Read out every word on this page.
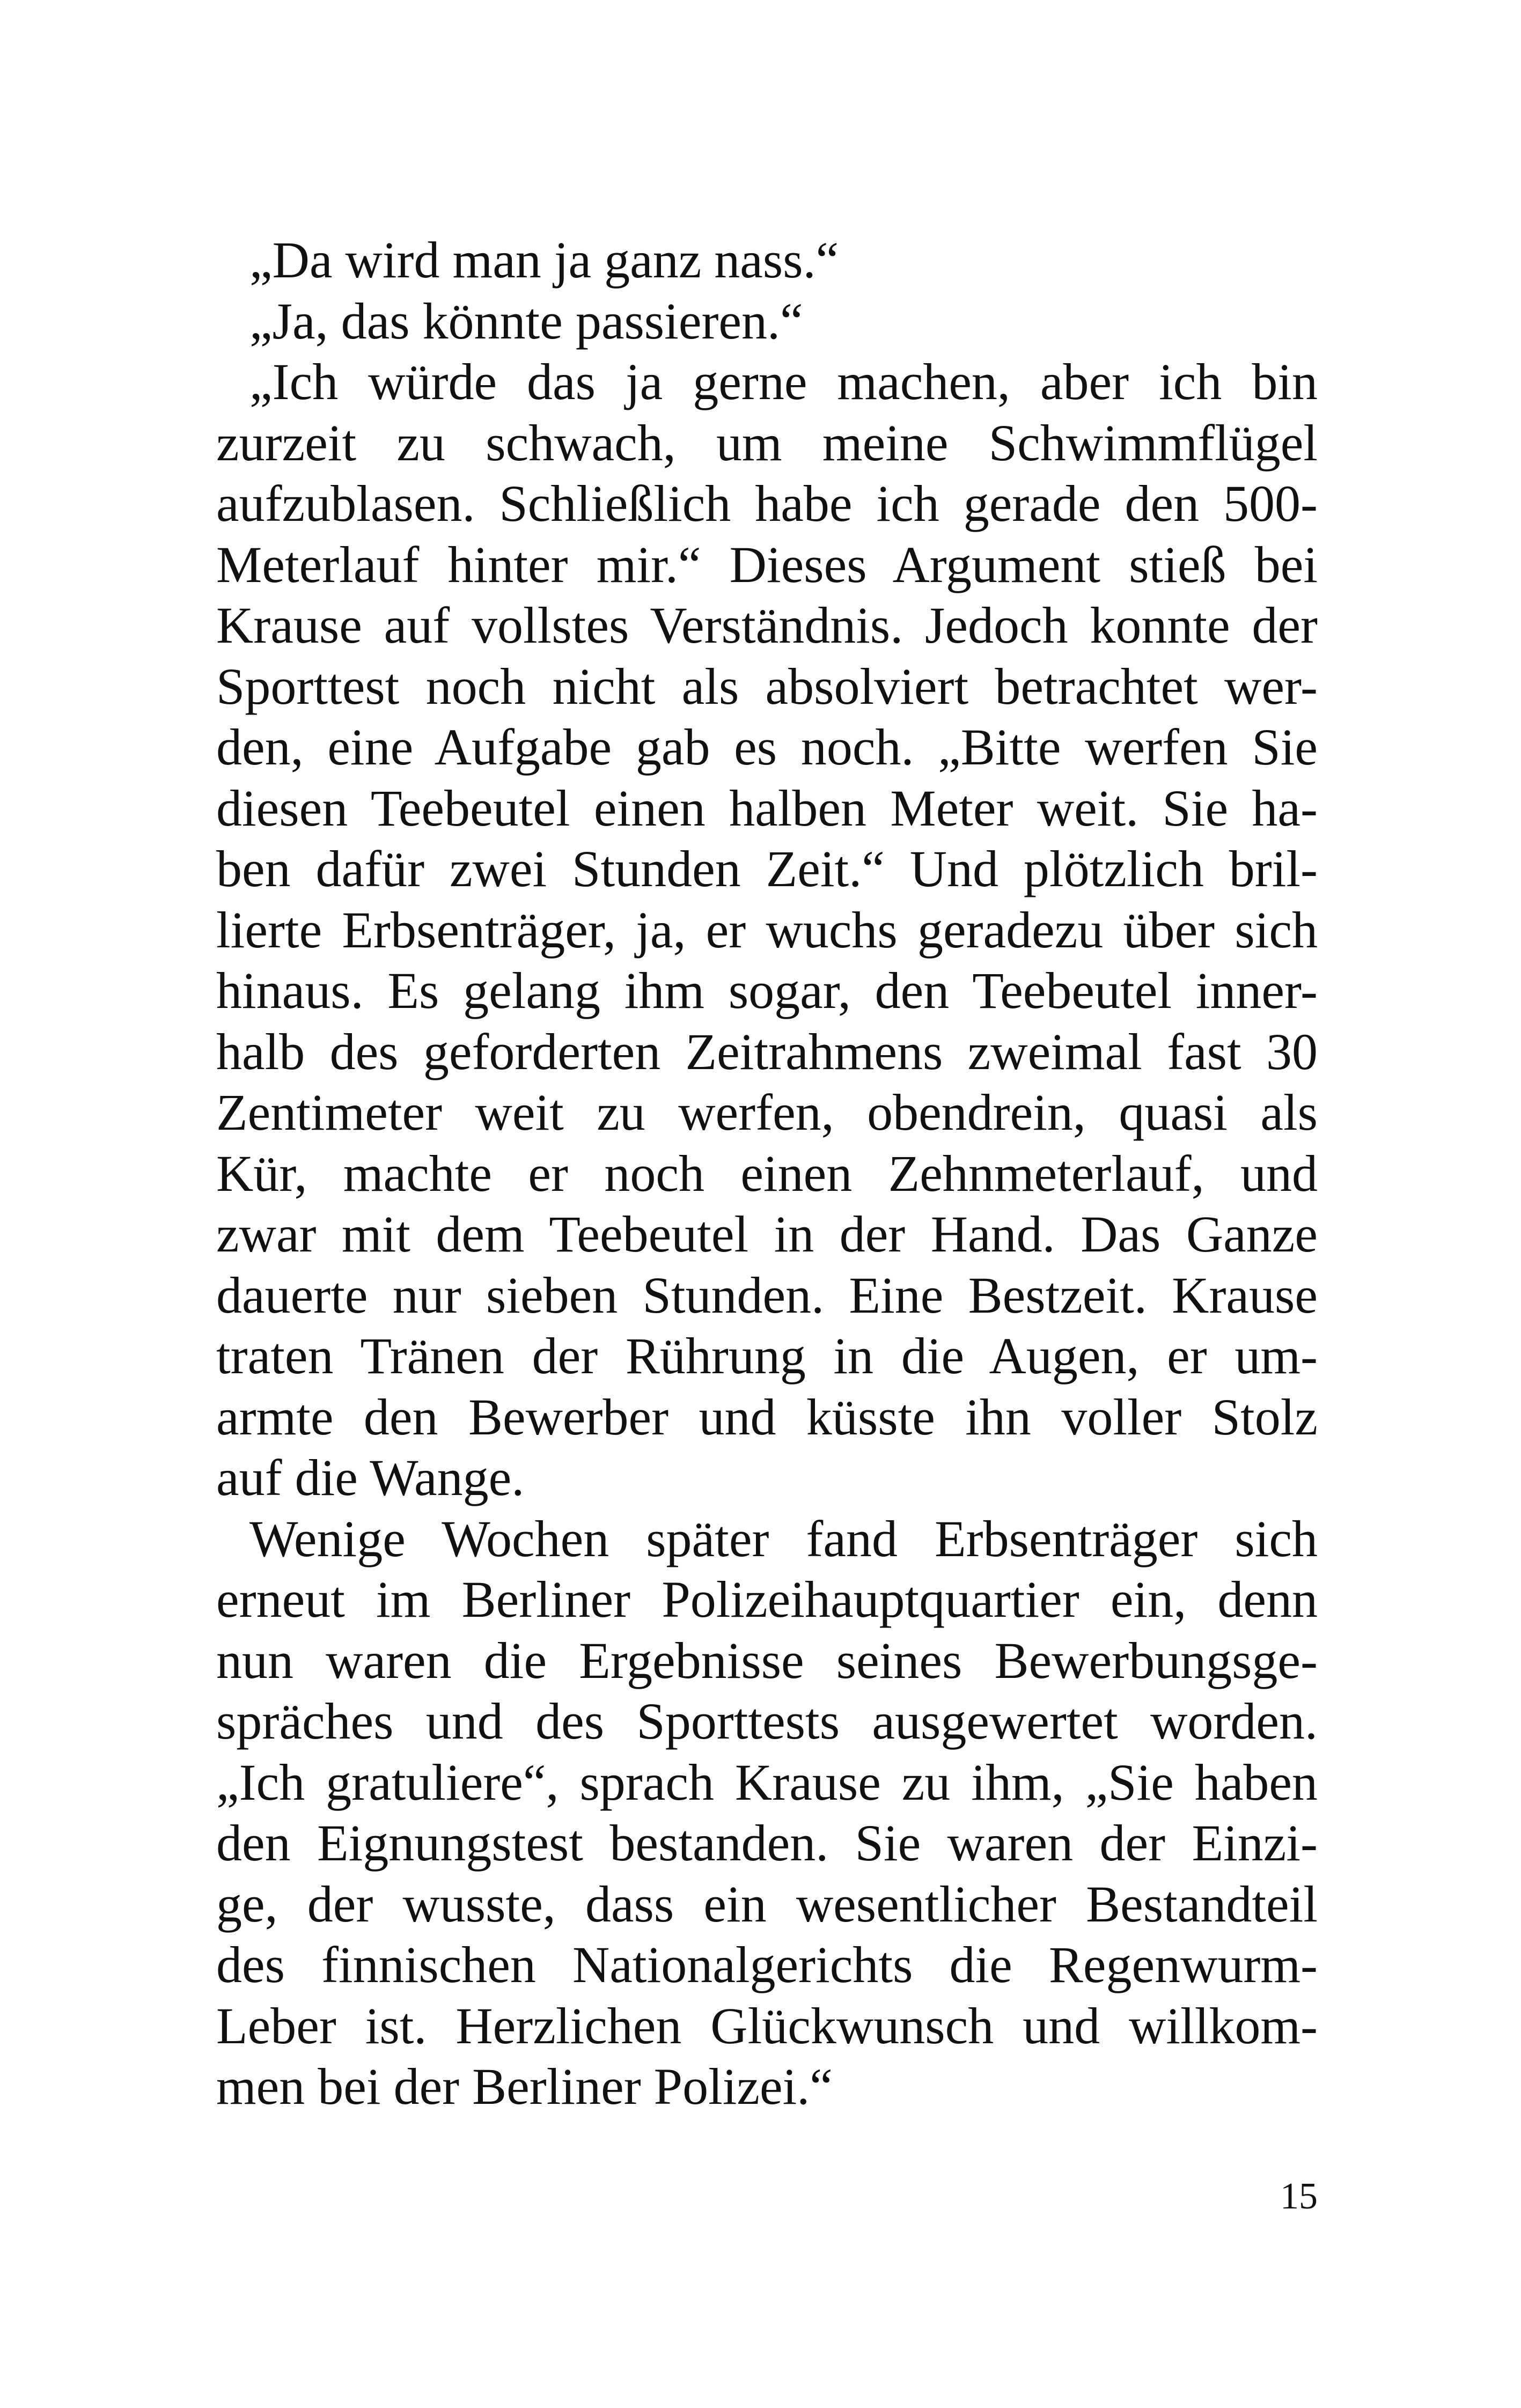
„Da wird man ja ganz nass.“
„Ja, das könnte passieren.“
„Ich würde das ja gerne machen, aber ich bin
zurzeit zu schwach, um meine Schwimmflügel
aufzublasen. Schließlich habe ich gerade den 500-
Meterlauf hinter mir.“ Dieses Argument stieß bei
Krause auf vollstes Verständnis. Jedoch konnte der
Sporttest noch nicht als absolviert betrachtet wer-
den, eine Aufgabe gab es noch. „Bitte werfen Sie
diesen Teebeutel einen halben Meter weit. Sie ha-
ben dafür zwei Stunden Zeit.“ Und plötzlich bril-
lierte Erbsenträger, ja, er wuchs geradezu über sich
hinaus. Es gelang ihm sogar, den Teebeutel inner-
halb des geforderten Zeitrahmens zweimal fast 30
Zentimeter weit zu werfen, obendrein, quasi als
Kür, machte er noch einen Zehnmeterlauf, und
zwar mit dem Teebeutel in der Hand. Das Ganze
dauerte nur sieben Stunden. Eine Bestzeit. Krause
traten Tränen der Rührung in die Augen, er um-
armte den Bewerber und küsste ihn voller Stolz
auf die Wange.
Wenige Wochen später fand Erbsenträger sich
erneut im Berliner Polizeihauptquartier ein, denn
nun waren die Ergebnisse seines Bewerbungsge-
spräches und des Sporttests ausgewertet worden.
„Ich gratuliere“, sprach Krause zu ihm, „Sie haben
den Eignungstest bestanden. Sie waren der Einzi-
ge, der wusste, dass ein wesentlicher Bestandteil
des finnischen Nationalgerichts die Regenwurm-
Leber ist. Herzlichen Glückwunsch und willkom-
men bei der Berliner Polizei.“
15
